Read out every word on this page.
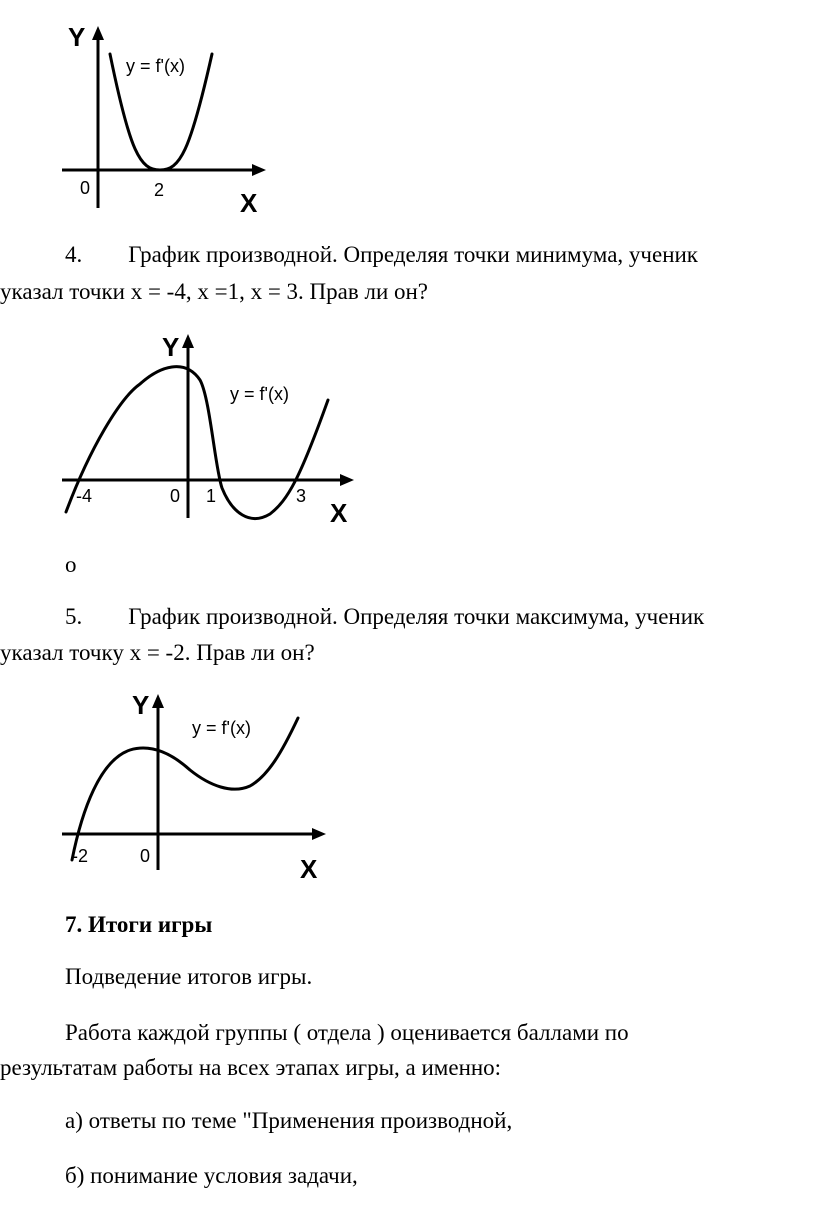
Y
X
y = f'(x)
0	2
4.        График производной. Определяя точки минимума, ученик
указал точки x = -4, x =1, x = 3. Прав ли он?
Y
X
y = f'(x)
-4	0 1	3
о
5.        График производной. Определяя точки максимума, ученик
указал точку x = -2. Прав ли он?
Y
X
y = f'(x)
-2	0
7. Итоги игры
Подведение итогов игры.
Работа каждой группы ( отдела ) оценивается баллами по
результатам работы на всех этапах игры, а именно:
а) ответы по теме "Применения производной,
б) понимание условия задачи,
